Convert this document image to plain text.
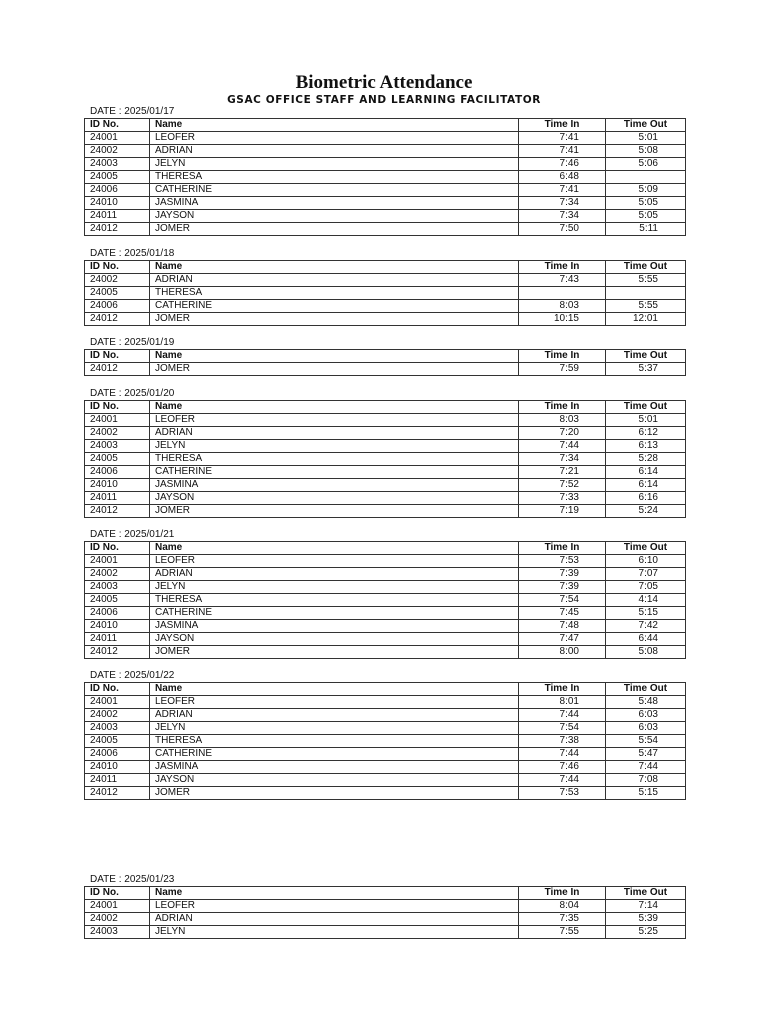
Biometric Attendance
GSAC OFFICE STAFF AND LEARNING FACILITATOR
DATE : 2025/01/17
ID No.	Name	Time In	Time Out
24001	LEOFER	7:41	5:01
24002	ADRIAN	7:41	5:08
24003	JELYN	7:46	5:06
24005	THERESA	6:48	
24006	CATHERINE	7:41	5:09
24010	JASMINA	7:34	5:05
24011	JAYSON	7:34	5:05
24012	JOMER	7:50	5:11
DATE : 2025/01/18
ID No.	Name	Time In	Time Out
24002	ADRIAN	7:43	5:55
24005	THERESA		
24006	CATHERINE	8:03	5:55
24012	JOMER	10:15	12:01
DATE : 2025/01/19
ID No.	Name	Time In	Time Out
24012	JOMER	7:59	5:37
DATE : 2025/01/20
ID No.	Name	Time In	Time Out
24001	LEOFER	8:03	5:01
24002	ADRIAN	7:20	6:12
24003	JELYN	7:44	6:13
24005	THERESA	7:34	5:28
24006	CATHERINE	7:21	6:14
24010	JASMINA	7:52	6:14
24011	JAYSON	7:33	6:16
24012	JOMER	7:19	5:24
DATE : 2025/01/21
ID No.	Name	Time In	Time Out
24001	LEOFER	7:53	6:10
24002	ADRIAN	7:39	7:07
24003	JELYN	7:39	7:05
24005	THERESA	7:54	4:14
24006	CATHERINE	7:45	5:15
24010	JASMINA	7:48	7:42
24011	JAYSON	7:47	6:44
24012	JOMER	8:00	5:08
DATE : 2025/01/22
ID No.	Name	Time In	Time Out
24001	LEOFER	8:01	5:48
24002	ADRIAN	7:44	6:03
24003	JELYN	7:54	6:03
24005	THERESA	7:38	5:54
24006	CATHERINE	7:44	5:47
24010	JASMINA	7:46	7:44
24011	JAYSON	7:44	7:08
24012	JOMER	7:53	5:15
DATE : 2025/01/23
ID No.	Name	Time In	Time Out
24001	LEOFER	8:04	7:14
24002	ADRIAN	7:35	5:39
24003	JELYN	7:55	5:25
